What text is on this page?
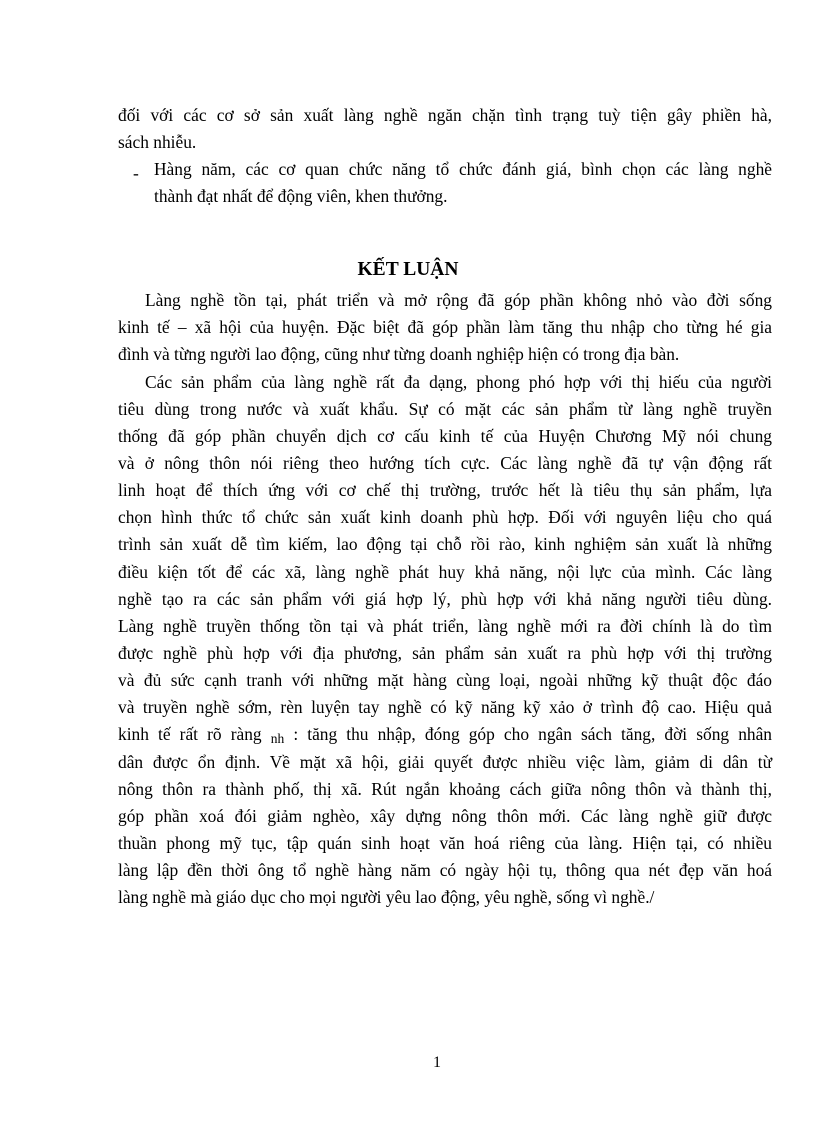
đối với các cơ sở sản xuất làng nghề ngăn chặn tình trạng tuỳ tiện gây phiền hà,
sách nhiễu.
- Hàng năm, các cơ quan chức năng tổ chức đánh giá, bình chọn các làng nghề
thành đạt nhất để động viên, khen thưởng.
KẾT LUẬN
Làng nghề tồn tại, phát triển và mở rộng đã góp phần không nhỏ vào đời sống
kinh tế – xã hội của huyện. Đặc biệt đã góp phần làm tăng thu nhập cho từng hé gia
đình và từng người lao động, cũng như từng doanh nghiệp hiện có trong địa bàn.
Các sản phẩm của làng nghề rất đa dạng, phong phó hợp với thị hiếu của người
tiêu dùng trong nước và xuất khẩu. Sự có mặt các sản phẩm từ làng nghề truyền
thống đã góp phần chuyển dịch cơ cấu kinh tế của Huyện Chương Mỹ nói chung
và ở nông thôn nói riêng theo hướng tích cực. Các làng nghề đã tự vận động rất
linh hoạt để thích ứng với cơ chế thị trường, trước hết là tiêu thụ sản phẩm, lựa
chọn hình thức tổ chức sản xuất kinh doanh phù hợp. Đối với nguyên liệu cho quá
trình sản xuất dễ tìm kiếm, lao động tại chỗ rồi rào, kinh nghiệm sản xuất là những
điều kiện tốt để các xã, làng nghề phát huy khả năng, nội lực của mình. Các làng
nghề tạo ra các sản phẩm với giá hợp lý, phù hợp với khả năng người tiêu dùng.
Làng nghề truyền thống tồn tại và phát triển, làng nghề mới ra đời chính là do tìm
được nghề phù hợp với địa phương, sản phẩm sản xuất ra phù hợp với thị trường
và đủ sức cạnh tranh với những mặt hàng cùng loại, ngoài những kỹ thuật độc đáo
và truyền nghề sớm, rèn luyện tay nghề có kỹ năng kỹ xảo ở trình độ cao. Hiệu quả
kinh tế rất rõ ràng nh : tăng thu nhập, đóng góp cho ngân sách tăng, đời sống nhân
dân được ổn định. Về mặt xã hội, giải quyết được nhiều việc làm, giảm di dân từ
nông thôn ra thành phố, thị xã. Rút ngắn khoảng cách giữa nông thôn và thành thị,
góp phần xoá đói giảm nghèo, xây dựng nông thôn mới. Các làng nghề giữ được
thuần phong mỹ tục, tập quán sinh hoạt văn hoá riêng của làng. Hiện tại, có nhiều
làng lập đền thời ông tổ nghề hàng năm có ngày hội tụ, thông qua nét đẹp văn hoá
làng nghề mà giáo dục cho mọi người yêu lao động, yêu nghề, sống vì nghề./
1
